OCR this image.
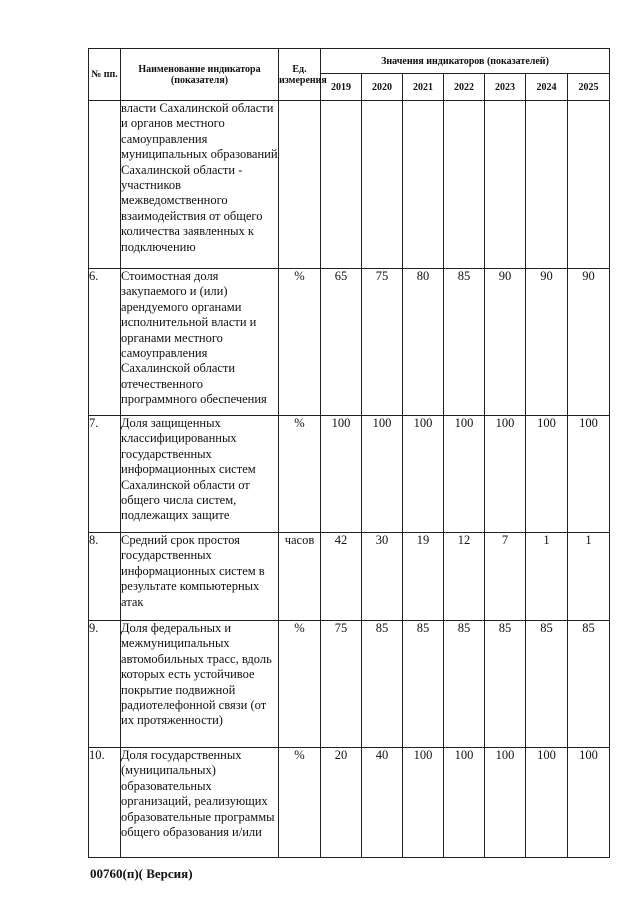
№ пп.	Наименование индикатора (показателя)	Ед. измерения	Значения индикаторов (показателей)						
			2019	2020	2021	2022	2023	2024	2025
	власти Сахалинской области и органов местного самоуправления муниципальных образований Сахалинской области - участников межведомственного взаимодействия от общего количества заявленных к подключению								
6.	Стоимостная доля закупаемого и (или) арендуемого органами исполнительной власти и органами местного самоуправления Сахалинской области отечественного программного обеспечения	%	65	75	80	85	90	90	90
7.	Доля защищенных классифицированных государственных информационных систем Сахалинской области от общего числа систем, подлежащих защите	%	100	100	100	100	100	100	100
8.	Средний срок простоя государственных информационных систем в результате компьютерных атак	часов	42	30	19	12	7	1	1
9.	Доля федеральных и межмуниципальных автомобильных трасс, вдоль которых есть устойчивое покрытие подвижной радиотелефонной связи (от их протяженности)	%	75	85	85	85	85	85	85
10.	Доля государственных (муниципальных) образовательных организаций, реализующих образовательные программы общего образования и/или	%	20	40	100	100	100	100	100
00760(п)( Версия)
